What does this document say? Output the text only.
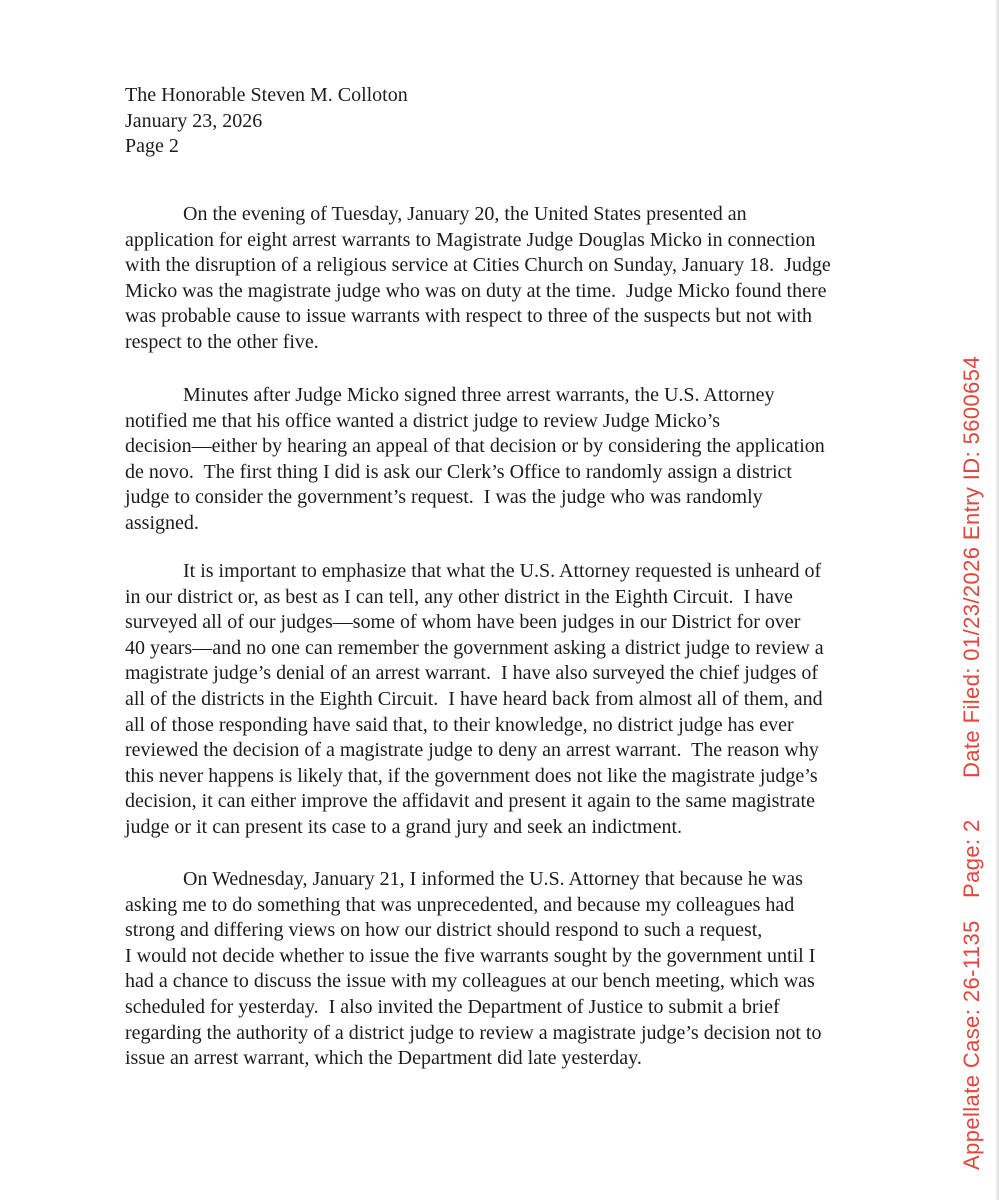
The Honorable Steven M. Colloton
January 23, 2026
Page 2
On the evening of Tuesday, January 20, the United States presented an
application for eight arrest warrants to Magistrate Judge Douglas Micko in connection
with the disruption of a religious service at Cities Church on Sunday, January 18.  Judge
Micko was the magistrate judge who was on duty at the time.  Judge Micko found there
was probable cause to issue warrants with respect to three of the suspects but not with
respect to the other five.
Minutes after Judge Micko signed three arrest warrants, the U.S. Attorney
notified me that his office wanted a district judge to review Judge Micko’s
decision—either by hearing an appeal of that decision or by considering the application
de novo.  The first thing I did is ask our Clerk’s Office to randomly assign a district
judge to consider the government’s request.  I was the judge who was randomly
assigned.
It is important to emphasize that what the U.S. Attorney requested is unheard of
in our district or, as best as I can tell, any other district in the Eighth Circuit.  I have
surveyed all of our judges—some of whom have been judges in our District for over
40 years—and no one can remember the government asking a district judge to review a
magistrate judge’s denial of an arrest warrant.  I have also surveyed the chief judges of
all of the districts in the Eighth Circuit.  I have heard back from almost all of them, and
all of those responding have said that, to their knowledge, no district judge has ever
reviewed the decision of a magistrate judge to deny an arrest warrant.  The reason why
this never happens is likely that, if the government does not like the magistrate judge’s
decision, it can either improve the affidavit and present it again to the same magistrate
judge or it can present its case to a grand jury and seek an indictment.
On Wednesday, January 21, I informed the U.S. Attorney that because he was
asking me to do something that was unprecedented, and because my colleagues had
strong and differing views on how our district should respond to such a request,
I would not decide whether to issue the five warrants sought by the government until I
had a chance to discuss the issue with my colleagues at our bench meeting, which was
scheduled for yesterday.  I also invited the Department of Justice to submit a brief
regarding the authority of a district judge to review a magistrate judge’s decision not to
issue an arrest warrant, which the Department did late yesterday.	Appellate Case: 26-1135
Page: 2
Date Filed: 01/23/2026 Entry ID: 5600654
